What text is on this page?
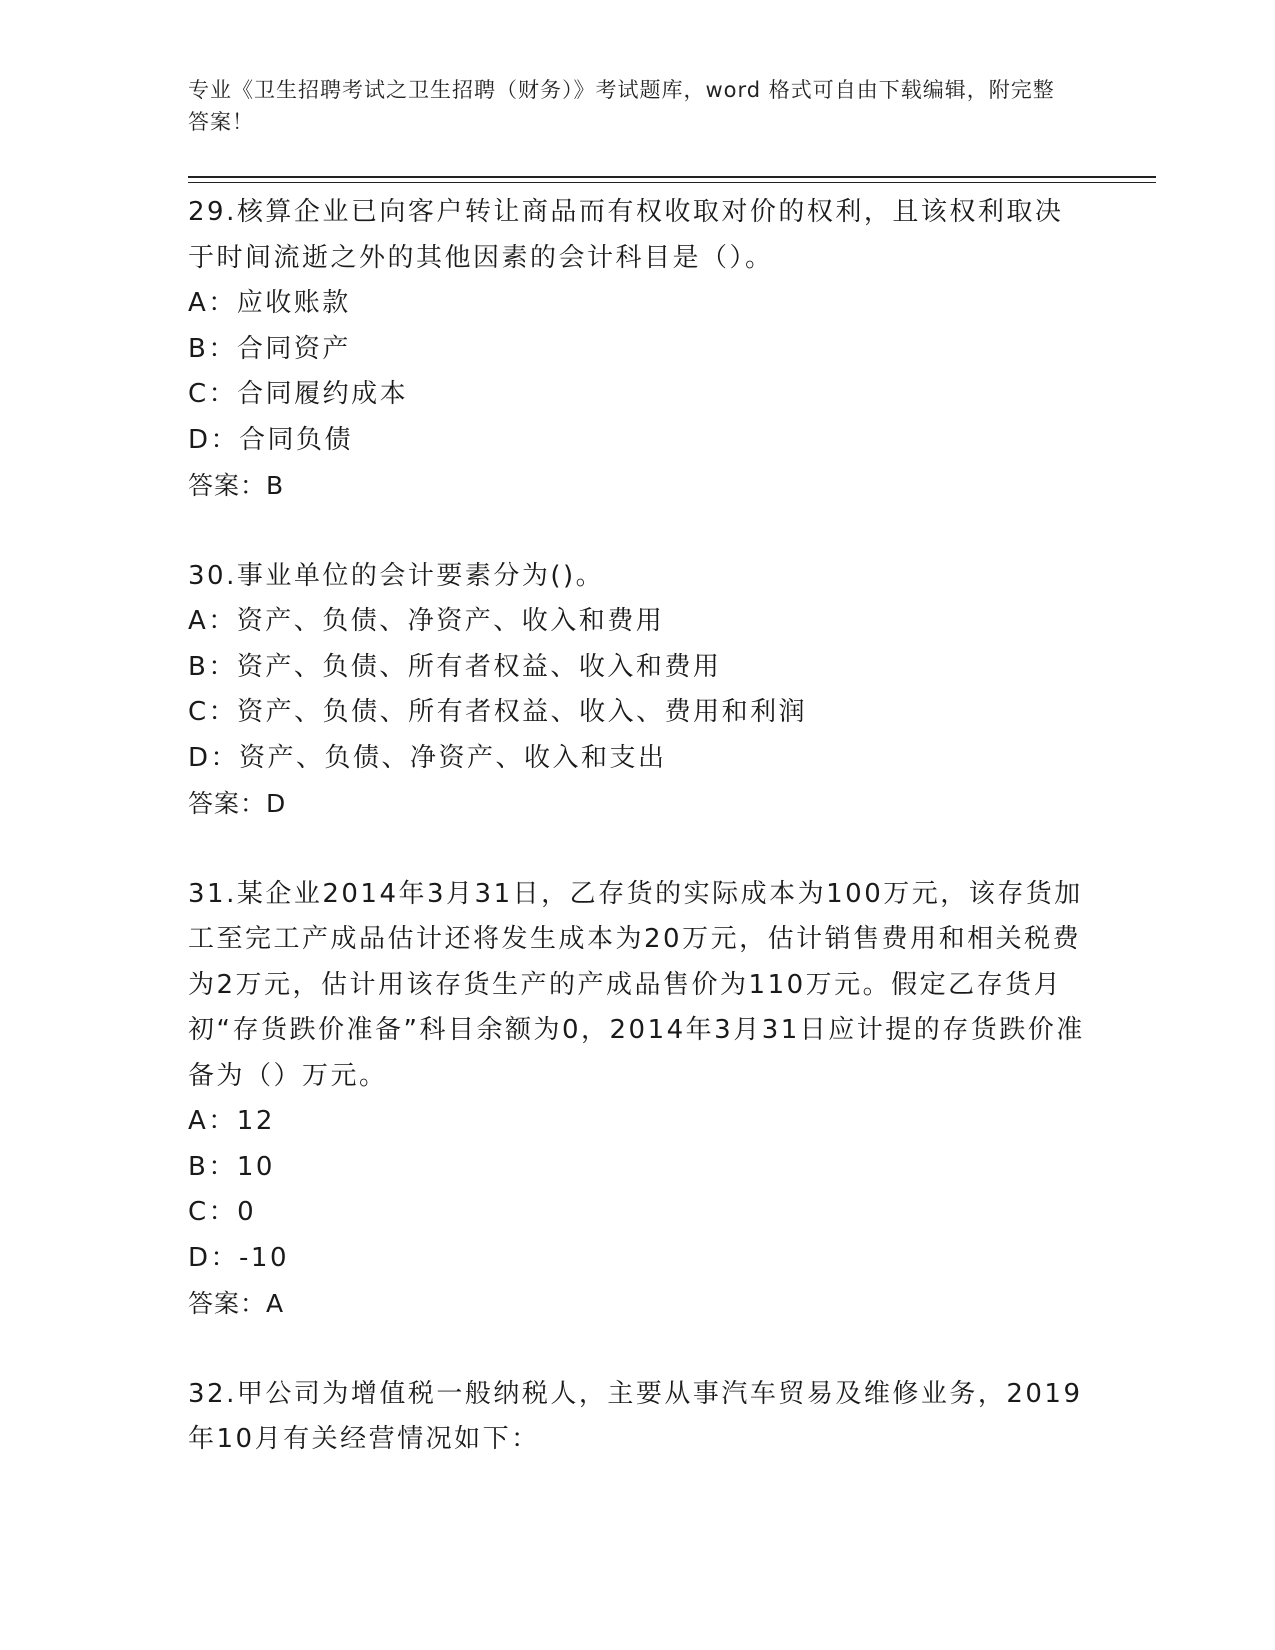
专业《卫生招聘考试之卫生招聘（财务）》考试题库，word 格式可自由下载编辑，附完整答案！

29.核算企业已向客户转让商品而有权收取对价的权利，且该权利取决于时间流逝之外的其他因素的会计科目是（）。

A：应收账款

B：合同资产

C：合同履约成本

D：合同负债

答案：B

30.事业单位的会计要素分为()。

A：资产、负债、净资产、收入和费用

B：资产、负债、所有者权益、收入和费用

C：资产、负债、所有者权益、收入、费用和利润

D：资产、负债、净资产、收入和支出

答案：D

31.某企业2014年3月31日，乙存货的实际成本为100万元，该存货加工至完工产成品估计还将发生成本为20万元，估计销售费用和相关税费为2万元，估计用该存货生产的产成品售价为110万元。假定乙存货月初“存货跌价准备”科目余额为0，2014年3月31日应计提的存货跌价准备为（）万元。

A：12

B：10

C：0

D：-10

答案：A

32.甲公司为增值税一般纳税人，主要从事汽车贸易及维修业务，2019年10月有关经营情况如下：
